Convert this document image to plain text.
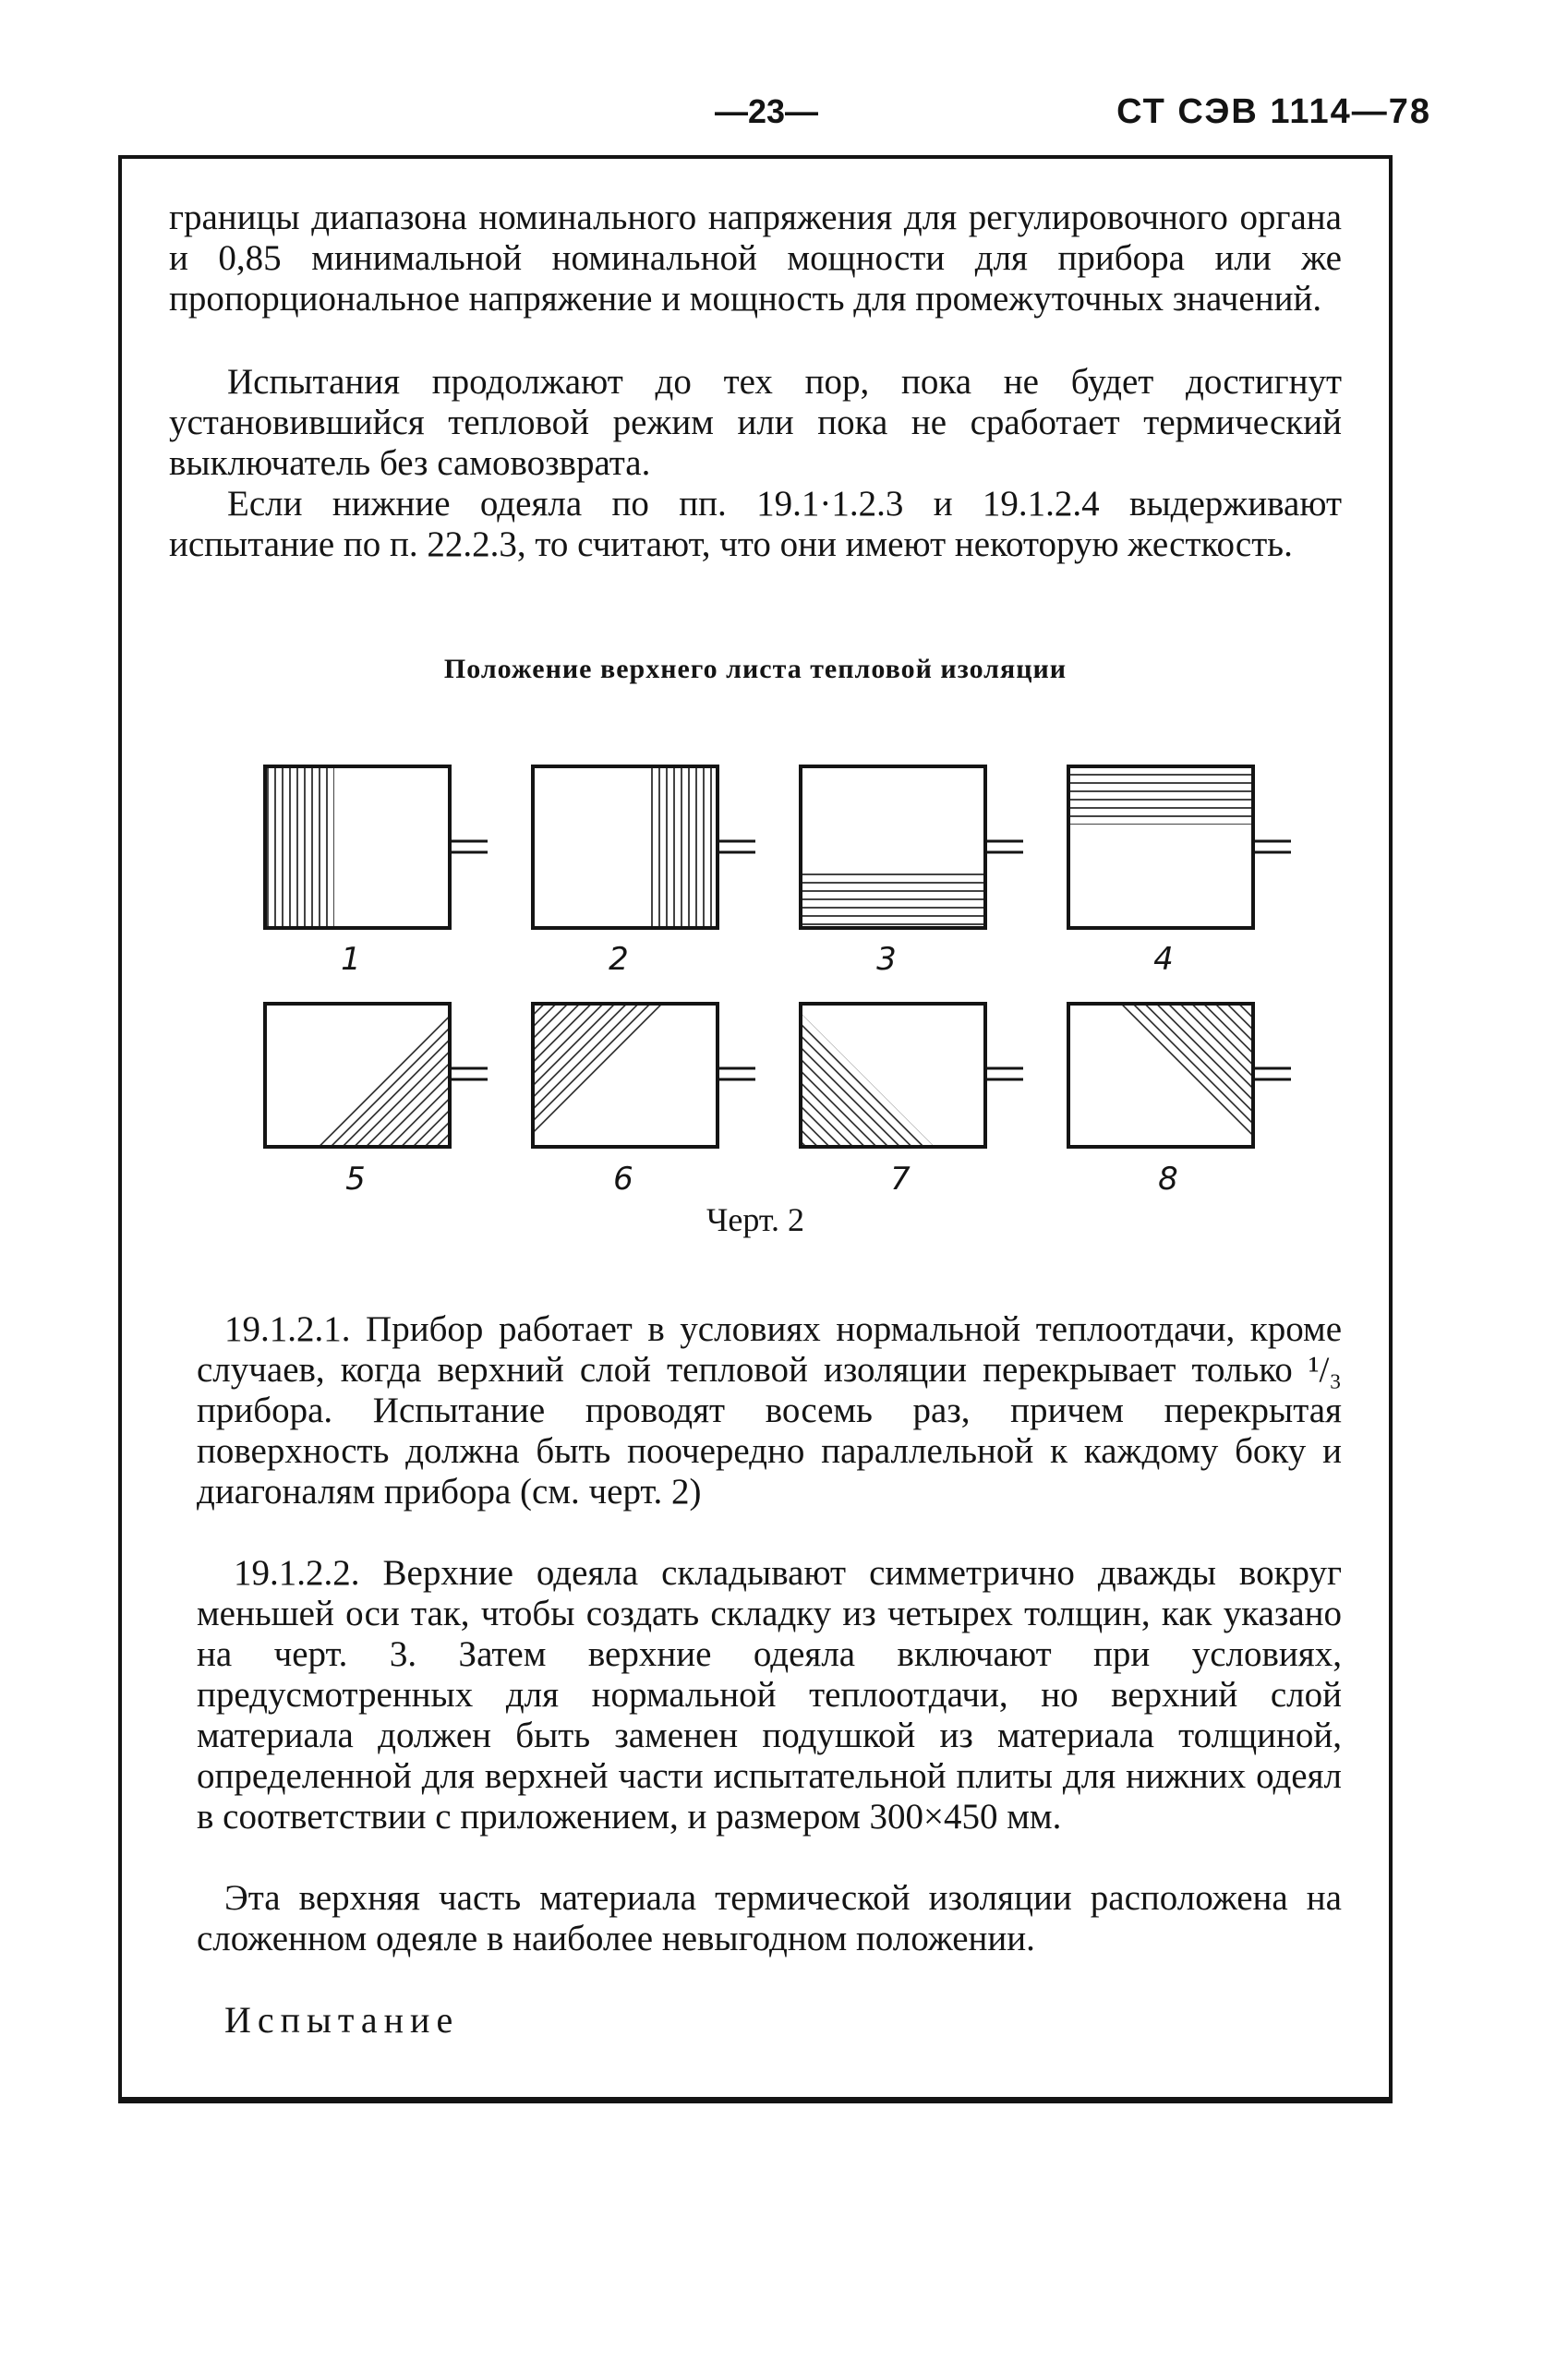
—23—	СТ СЭВ 1114—78

границы диапазона номинального напряжения для регулировочного органа и 0,85 минимальной номинальной мощности для прибора или же пропорциональное напряжение и мощность для промежуточных значений.

Испытания продолжают до тех пор, пока не будет достигнут установившийся тепловой режим или пока не сработает термический выключатель без самовозврата.

Если нижние одеяла по пп. 19.1·1.2.3 и 19.1.2.4 выдерживают испытание по п. 22.2.3, то считают, что они имеют некоторую жесткость.

Положение верхнего листа тепловой изоляции
1	2	3	4
5	6	7	8
Черт. 2

19.1.2.1. Прибор работает в условиях нормальной теплоотдачи, кроме случаев, когда верхний слой тепловой изоляции перекрывает только ¹/₃ прибора. Испытание проводят восемь раз, причем перекрытая поверхность должна быть поочередно параллельной к каждому боку и диагоналям прибора (см. черт. 2)

19.1.2.2. Верхние одеяла складывают симметрично дважды вокруг меньшей оси так, чтобы создать складку из четырех толщин, как указано на черт. 3. Затем верхние одеяла включают при условиях, предусмотренных для нормальной теплоотдачи, но верхний слой материала должен быть заменен подушкой из материала толщиной, определенной для верхней части испытательной плиты для нижних одеял в соответствии с приложением, и размером 300×450 мм.

Эта верхняя часть материала термической изоляции расположена на сложенном одеяле в наиболее невыгодном положении.

Испытание
